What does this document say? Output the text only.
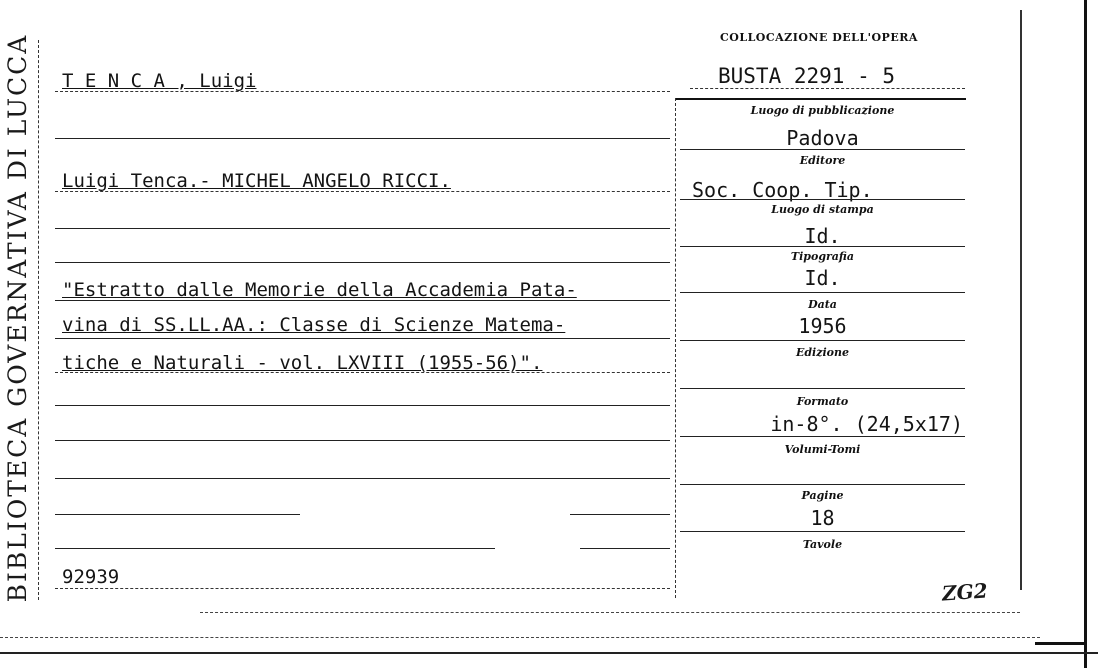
BIBLIOTECA GOVERNATIVA DI LUCCA	COLLOCAZIONE DELL'OPERA
BUSTA 2291 - 5
T E N C A , Luigi
Luigi Tenca.- MICHEL ANGELO RICCI.
"Estratto dalle Memorie della Accademia Pata-
vina di SS.LL.AA.: Classe di Scienze Matema-
tiche e Naturali - vol. LXVIII (1955-56)".
92939
Luogo di pubblicazione
Padova
Editore
Soc. Coop. Tip.
Luogo di stampa
Id.
Tipografia
Id.
Data
1956
Edizione
Formato
in-8°. (24,5x17)
Volumi-Tomi
Pagine
18
Tavole
ZG2
